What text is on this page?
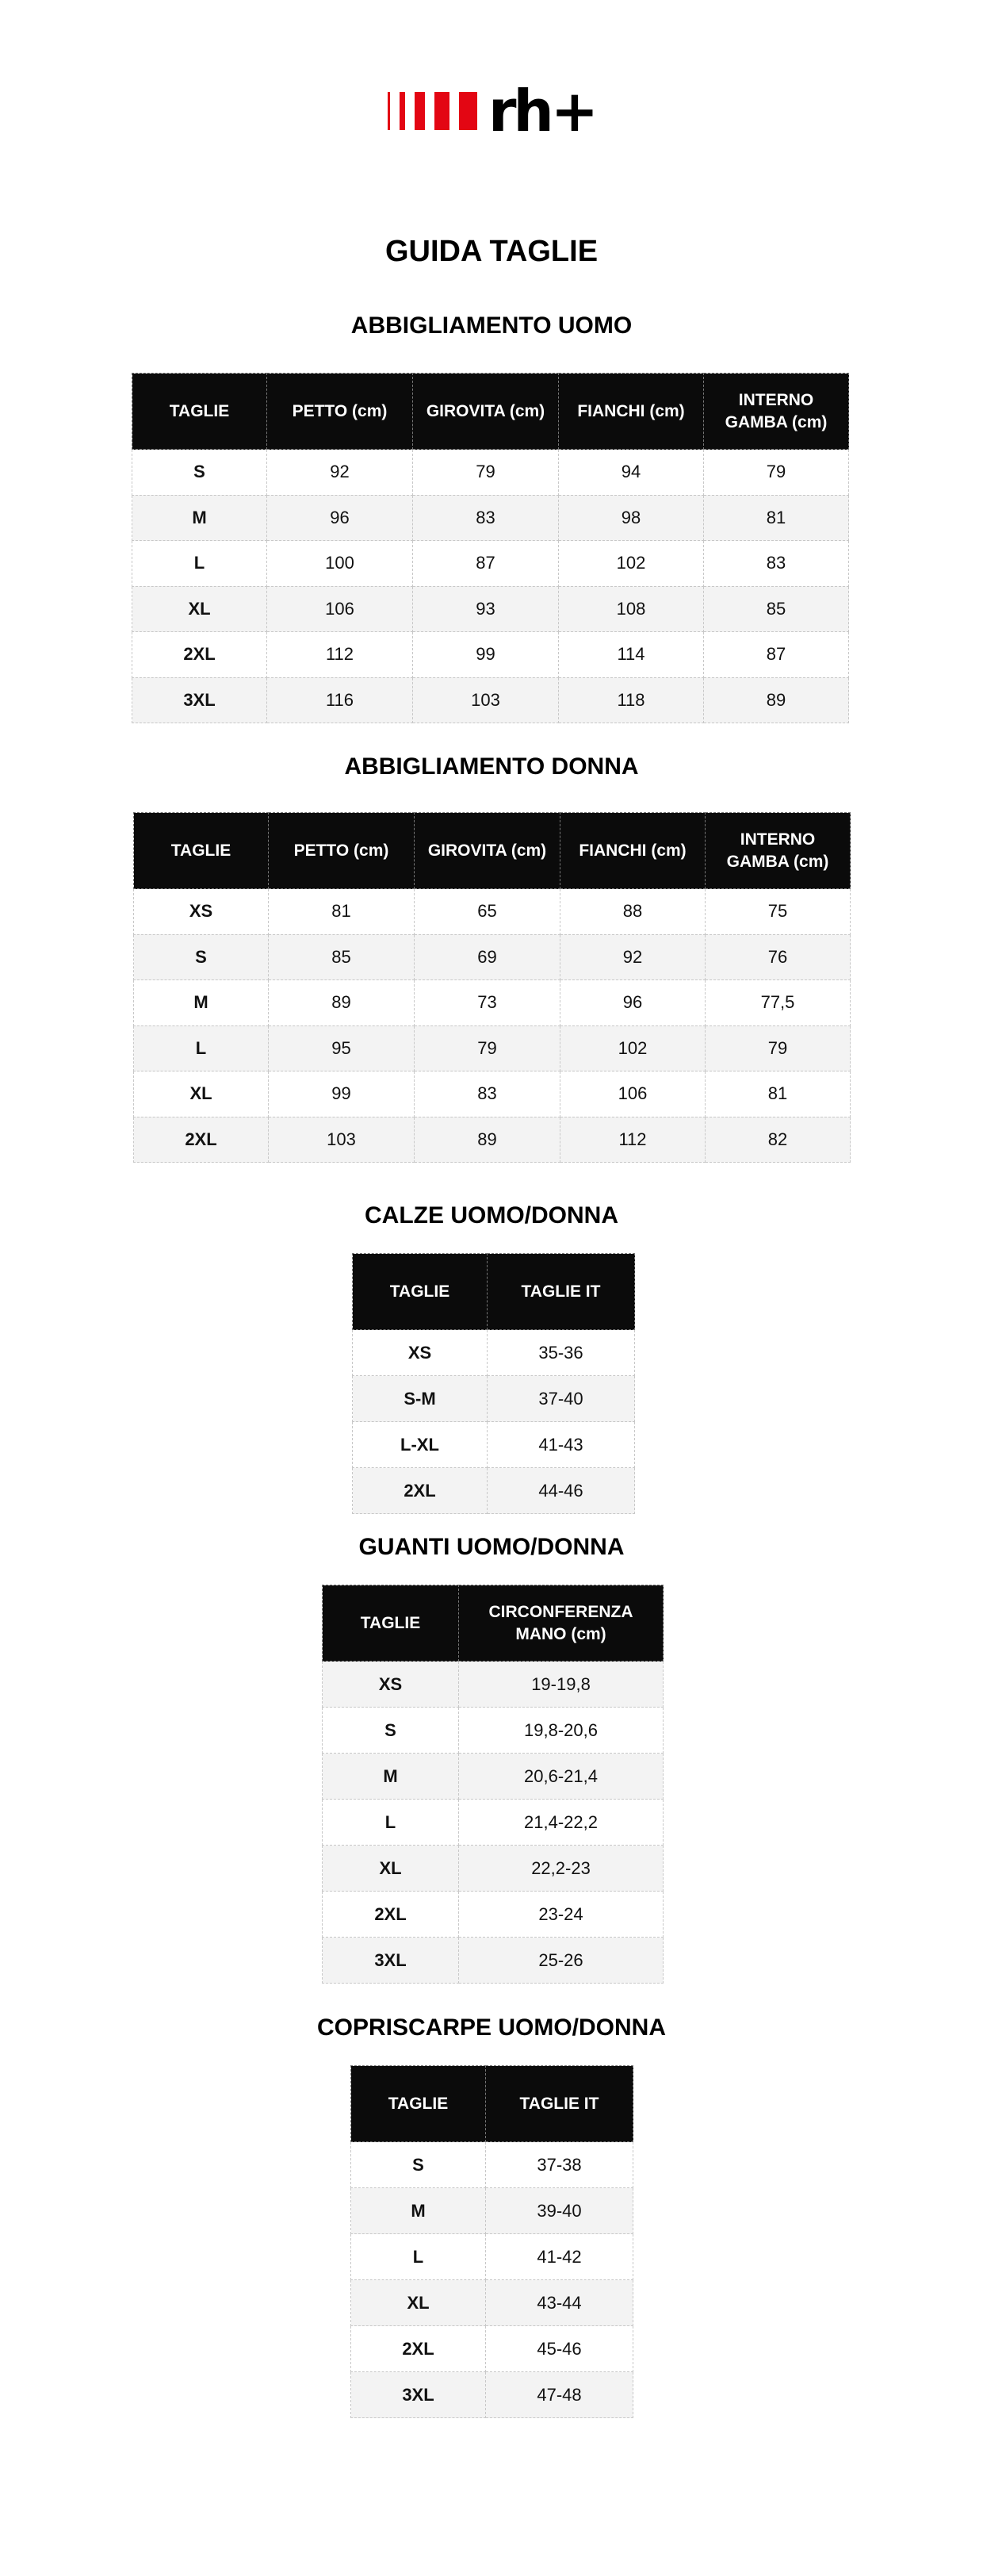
rh+
GUIDA TAGLIE
ABBIGLIAMENTO UOMO
TAGLIE	PETTO (cm)	GIROVITA (cm)	FIANCHI (cm)	INTERNO GAMBA (cm)
S	92	79	94	79
M	96	83	98	81
L	100	87	102	83
XL	106	93	108	85
2XL	112	99	114	87
3XL	116	103	118	89
ABBIGLIAMENTO DONNA
TAGLIE	PETTO (cm)	GIROVITA (cm)	FIANCHI (cm)	INTERNO GAMBA (cm)
XS	81	65	88	75
S	85	69	92	76
M	89	73	96	77,5
L	95	79	102	79
XL	99	83	106	81
2XL	103	89	112	82
CALZE UOMO/DONNA
TAGLIE	TAGLIE IT
XS	35-36
S-M	37-40
L-XL	41-43
2XL	44-46
GUANTI UOMO/DONNA
TAGLIE	CIRCONFERENZA MANO (cm)
XS	19-19,8
S	19,8-20,6
M	20,6-21,4
L	21,4-22,2
XL	22,2-23
2XL	23-24
3XL	25-26
COPRISCARPE UOMO/DONNA
TAGLIE	TAGLIE IT
S	37-38
M	39-40
L	41-42
XL	43-44
2XL	45-46
3XL	47-48
